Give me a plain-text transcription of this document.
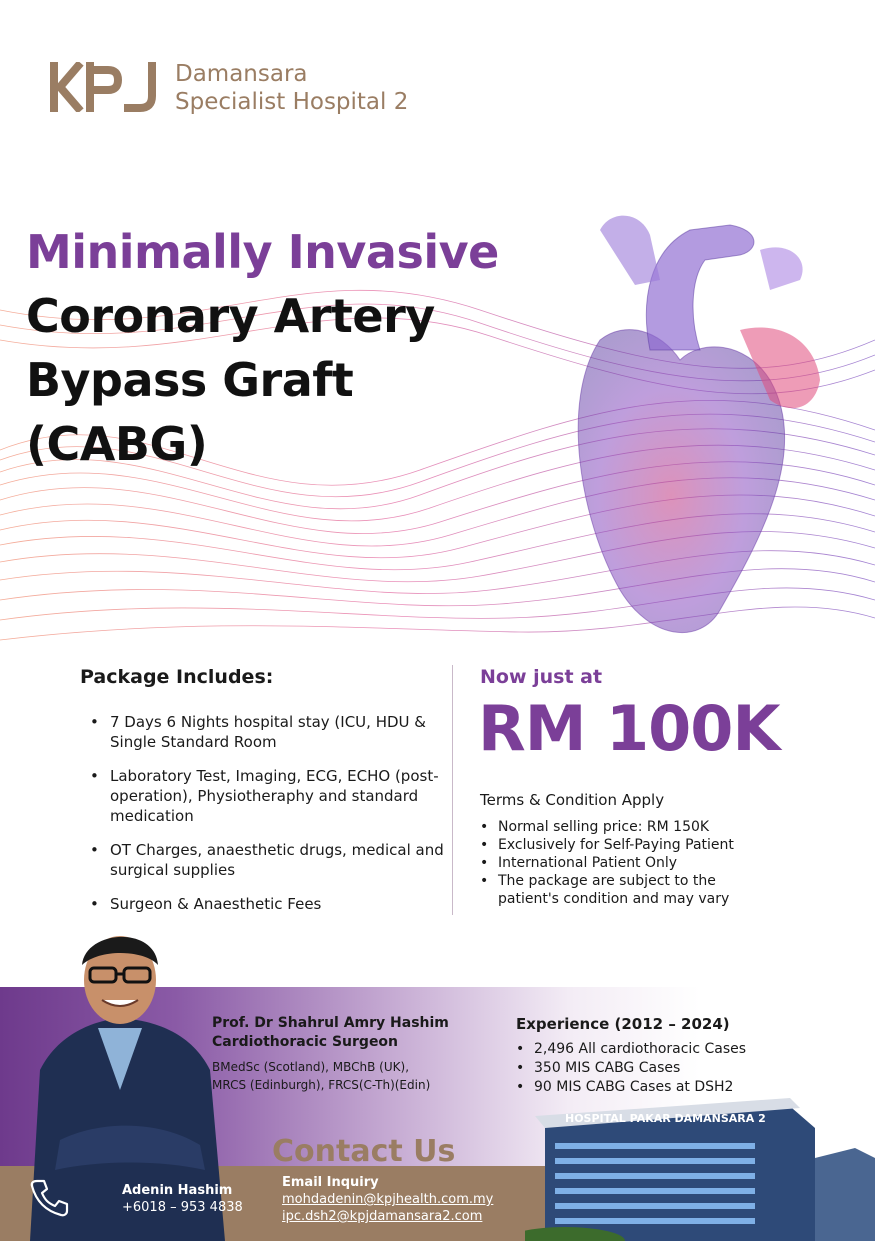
Damansara
Specialist Hospital 2
Minimally Invasive
Coronary Artery
Bypass Graft
(CABG)
Package Includes:
• 7 Days 6 Nights hospital stay (ICU, HDU & Single Standard Room
• Laboratory Test, Imaging, ECG, ECHO (post-operation), Physiotheraphy and standard medication
• OT Charges, anaesthetic drugs, medical and surgical supplies
• Surgeon & Anaesthetic Fees
Now just at
RM 100K
Terms & Condition Apply
• Normal selling price: RM 150K
• Exclusively for Self-Paying Patient
• International Patient Only
• The package are subject to the patient's condition and may vary
HOSPITAL PAKAR DAMANSARA 2
Prof. Dr Shahrul Amry Hashim
Cardiothoracic Surgeon
BMedSc (Scotland), MBChB (UK),
MRCS (Edinburgh), FRCS(C-Th)(Edin)
Experience (2012 – 2024)
• 2,496 All cardiothoracic Cases
• 350 MIS CABG Cases
• 90 MIS CABG Cases at DSH2
Contact Us
Adenin Hashim
+6018 – 953 4838
Email Inquiry
mohdadenin@kpjhealth.com.my
ipc.dsh2@kpjdamansara2.com
